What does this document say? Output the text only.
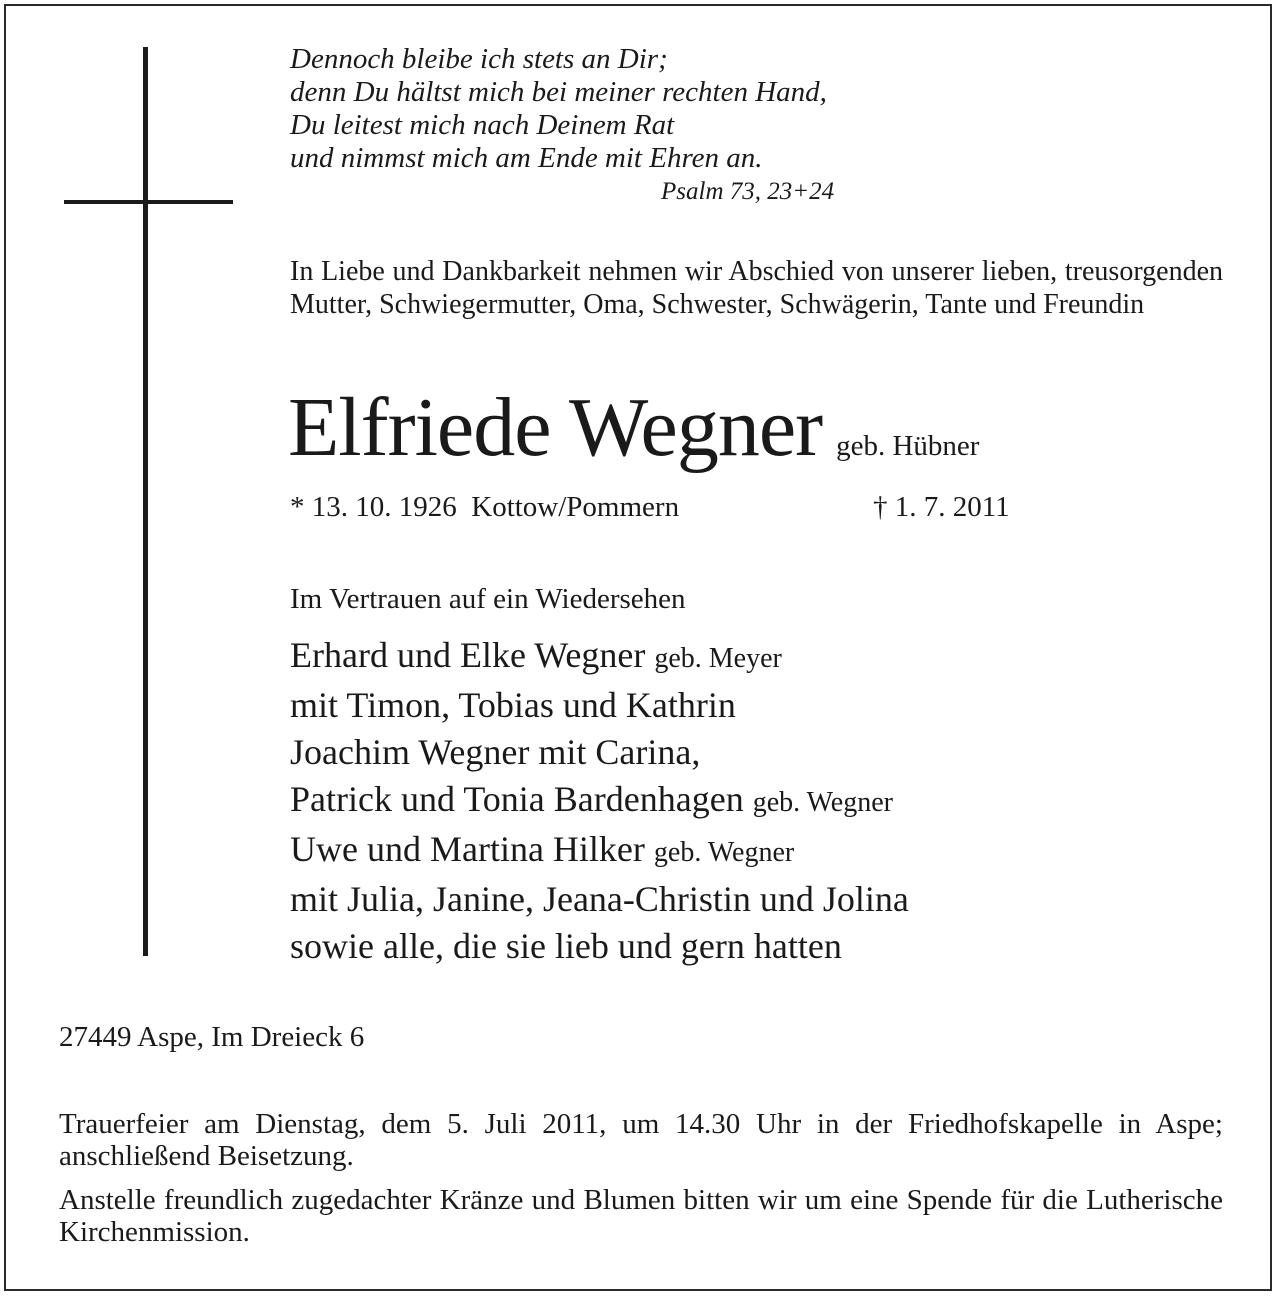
Dennoch bleibe ich stets an Dir;
denn Du hältst mich bei meiner rechten Hand,
Du leitest mich nach Deinem Rat
und nimmst mich am Ende mit Ehren an.
Psalm 73, 23+24
In Liebe und Dankbarkeit nehmen wir Abschied von unserer lieben, treusorgenden Mutter, Schwiegermutter, Oma, Schwester, Schwägerin, Tante und Freundin
Elfriede Wegner geb. Hübner
* 13. 10. 1926  Kottow/Pommern	† 1. 7. 2011
Im Vertrauen auf ein Wiedersehen
Erhard und Elke Wegner geb. Meyer
mit Timon, Tobias und Kathrin
Joachim Wegner mit Carina,
Patrick und Tonia Bardenhagen geb. Wegner
Uwe und Martina Hilker geb. Wegner
mit Julia, Janine, Jeana-Christin und Jolina
sowie alle, die sie lieb und gern hatten
27449 Aspe, Im Dreieck 6
Trauerfeier am Dienstag, dem 5. Juli 2011, um 14.30 Uhr in der Friedhofskapelle in Aspe; anschließend Beisetzung.
Anstelle freundlich zugedachter Kränze und Blumen bitten wir um eine Spende für die Lutherische Kirchenmission.
